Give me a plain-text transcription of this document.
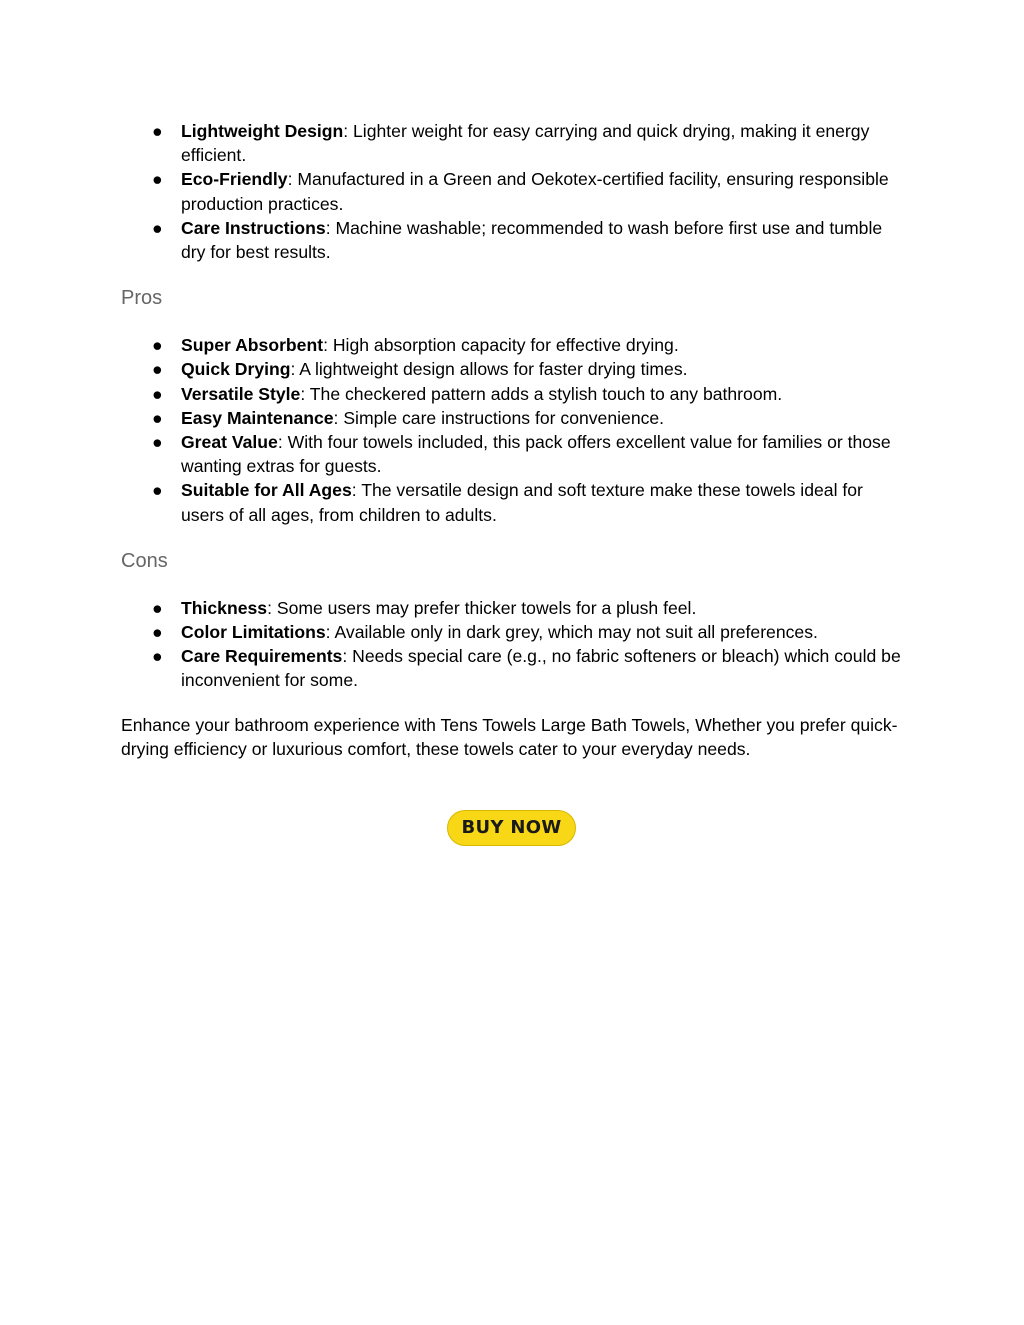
● Lightweight Design: Lighter weight for easy carrying and quick drying, making it energy efficient.
● Eco-Friendly: Manufactured in a Green and Oekotex-certified facility, ensuring responsible production practices.
● Care Instructions: Machine washable; recommended to wash before first use and tumble dry for best results.
Pros
● Super Absorbent: High absorption capacity for effective drying.
● Quick Drying: A lightweight design allows for faster drying times.
● Versatile Style: The checkered pattern adds a stylish touch to any bathroom.
● Easy Maintenance: Simple care instructions for convenience.
● Great Value: With four towels included, this pack offers excellent value for families or those wanting extras for guests.
● Suitable for All Ages: The versatile design and soft texture make these towels ideal for users of all ages, from children to adults.
Cons
● Thickness: Some users may prefer thicker towels for a plush feel.
● Color Limitations: Available only in dark grey, which may not suit all preferences.
● Care Requirements: Needs special care (e.g., no fabric softeners or bleach) which could be inconvenient for some.

Enhance your bathroom experience with Tens Towels Large Bath Towels, Whether you prefer quick-drying efficiency or luxurious comfort, these towels cater to your everyday needs.

BUY NOW
